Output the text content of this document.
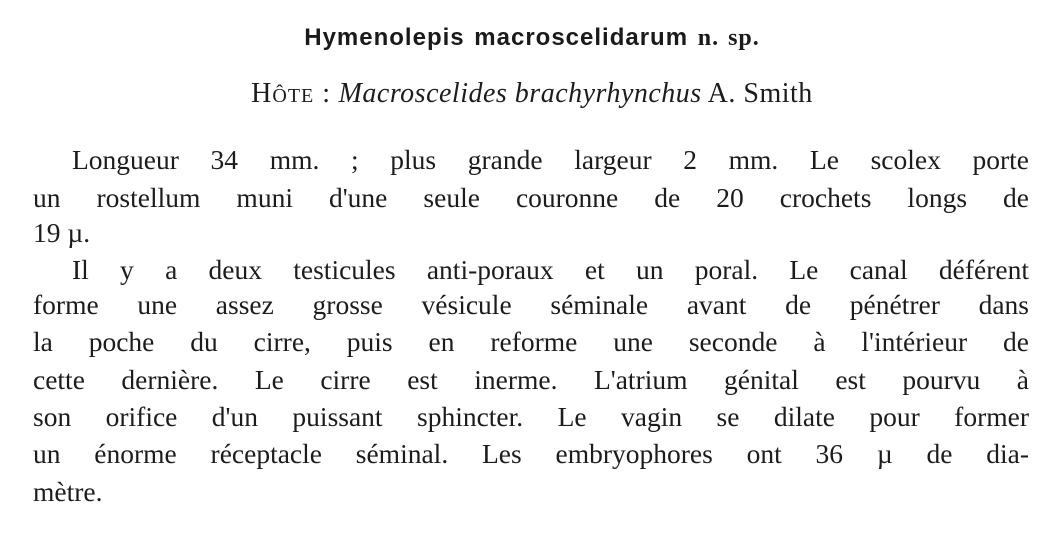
Hymenolepis macroscelidarum n. sp.
Hôte : Macroscelides brachyrhynchus A. Smith
Longueur 34 mm. ; plus grande largeur 2 mm. Le scolex porte
un rostellum muni d'une seule couronne de 20 crochets longs de
19 µ.
Il y a deux testicules anti-poraux et un poral. Le canal déférent
forme une assez grosse vésicule séminale avant de pénétrer dans
la poche du cirre, puis en reforme une seconde à l'intérieur de
cette dernière. Le cirre est inerme. L'atrium génital est pourvu à
son orifice d'un puissant sphincter. Le vagin se dilate pour former
un énorme réceptacle séminal. Les embryophores ont 36 µ de dia-
mètre.
